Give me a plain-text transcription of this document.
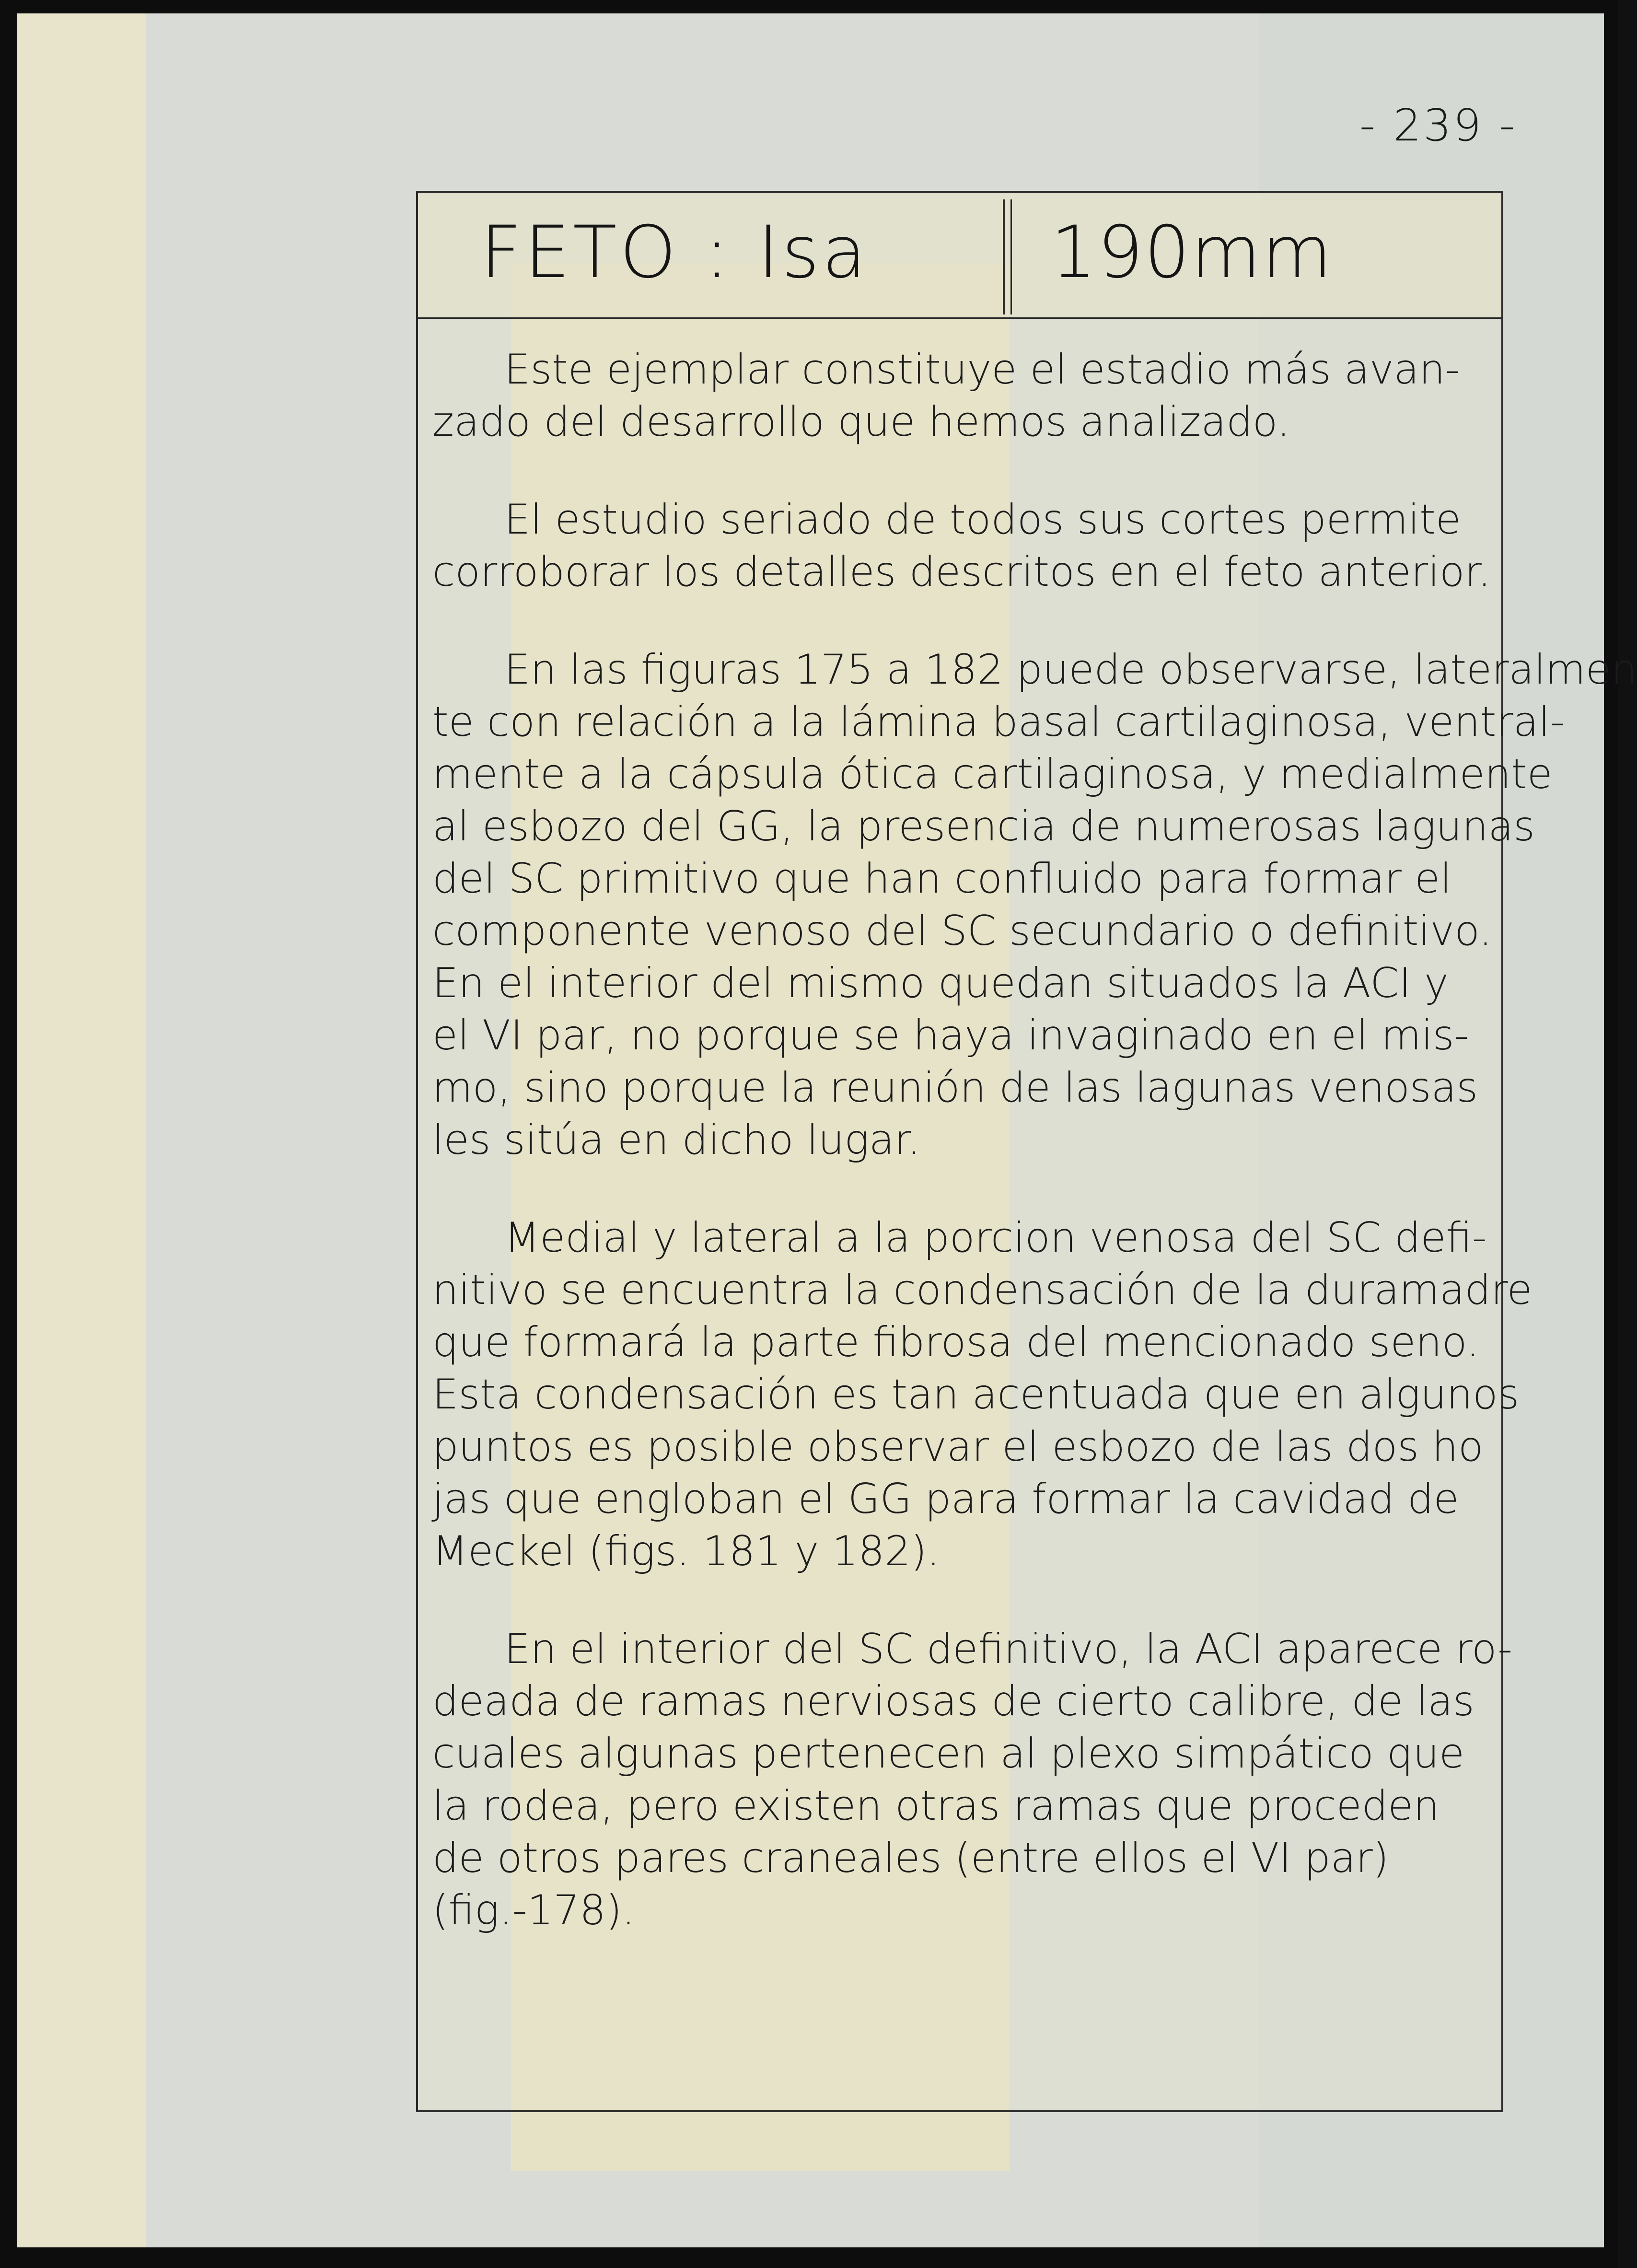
- 239 -
FETO : Isa	190mm
Este ejemplar constituye el estadio más avan-
zado del desarrollo que hemos analizado.
El estudio seriado de todos sus cortes permite
corroborar los detalles descritos en el feto anterior.
En las figuras 175 a 182 puede observarse, lateralmen
te con relación a la lámina basal cartilaginosa, ventral-
mente a la cápsula ótica cartilaginosa, y medialmente
al esbozo del GG, la presencia de numerosas lagunas
del SC primitivo que han confluido para formar el
componente venoso del SC secundario o definitivo.
En el interior del mismo quedan situados la ACI y
el VI par, no porque se haya invaginado en el mis-
mo, sino porque la reunión de las lagunas venosas
les sitúa en dicho lugar.
Medial y lateral a la porcion venosa del SC defi-
nitivo se encuentra la condensación de la duramadre
que formará la parte fibrosa del mencionado seno.
Esta condensación es tan acentuada que en algunos
puntos es posible observar el esbozo de las dos ho
jas que engloban el GG para formar la cavidad de
Meckel (figs. 181 y 182).
En el interior del SC definitivo, la ACI aparece ro-
deada de ramas nerviosas de cierto calibre, de las
cuales algunas pertenecen al plexo simpático que
la rodea, pero existen otras ramas que proceden
de otros pares craneales (entre ellos el VI par)
(fig.-178).
